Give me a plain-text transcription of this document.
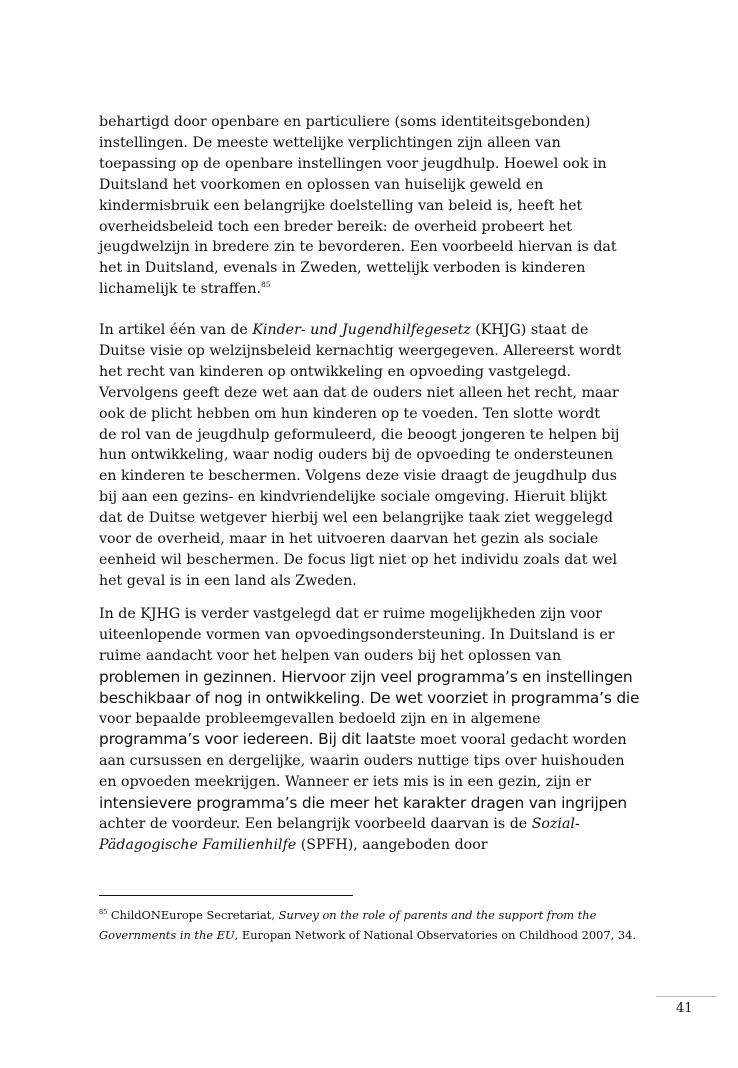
behartigd door openbare en particuliere (soms identiteitsgebonden)
instellingen. De meeste wettelijke verplichtingen zijn alleen van
toepassing op de openbare instellingen voor jeugdhulp. Hoewel ook in
Duitsland het voorkomen en oplossen van huiselijk geweld en
kindermisbruik een belangrijke doelstelling van beleid is, heeft het
overheidsbeleid toch een breder bereik: de overheid probeert het
jeugdwelzijn in bredere zin te bevorderen. Een voorbeeld hiervan is dat
het in Duitsland, evenals in Zweden, wettelijk verboden is kinderen
lichamelijk te straffen.$^{85}$

In artikel één van de Kinder- und Jugendhilfegesetz (KHJG) staat de
Duitse visie op welzijnsbeleid kernachtig weergegeven. Allereerst wordt
het recht van kinderen op ontwikkeling en opvoeding vastgelegd.
Vervolgens geeft deze wet aan dat de ouders niet alleen het recht, maar
ook de plicht hebben om hun kinderen op te voeden. Ten slotte wordt
de rol van de jeugdhulp geformuleerd, die beoogt jongeren te helpen bij
hun ontwikkeling, waar nodig ouders bij de opvoeding te ondersteunen
en kinderen te beschermen. Volgens deze visie draagt de jeugdhulp dus
bij aan een gezins- en kindvriendelijke sociale omgeving. Hieruit blijkt
dat de Duitse wetgever hierbij wel een belangrijke taak ziet weggelegd
voor de overheid, maar in het uitvoeren daarvan het gezin als sociale
eenheid wil beschermen. De focus ligt niet op het individu zoals dat wel
het geval is in een land als Zweden.

In de KJHG is verder vastgelegd dat er ruime mogelijkheden zijn voor
uiteenlopende vormen van opvoedingsondersteuning. In Duitsland is er
ruime aandacht voor het helpen van ouders bij het oplossen van
problemen in gezinnen. Hiervoor zijn veel programma’s en instellingen
beschikbaar of nog in ontwikkeling. De wet voorziet in programma’s die
voor bepaalde probleemgevallen bedoeld zijn en in algemene
programma’s voor iedereen. Bij dit laatste moet vooral gedacht worden
aan cursussen en dergelijke, waarin ouders nuttige tips over huishouden
en opvoeden meekrijgen. Wanneer er iets mis is in een gezin, zijn er
intensievere programma’s die meer het karakter dragen van ingrijpen
achter de voordeur. Een belangrijk voorbeeld daarvan is de Sozial-
Pädagogische Familienhilfe (SPFH), aangeboden door

$^{85}$ ChildONEurope Secretariat, Survey on the role of parents and the support from the Governments in the EU, Europan Network of National Observatories on Childhood 2007, 34.

41
